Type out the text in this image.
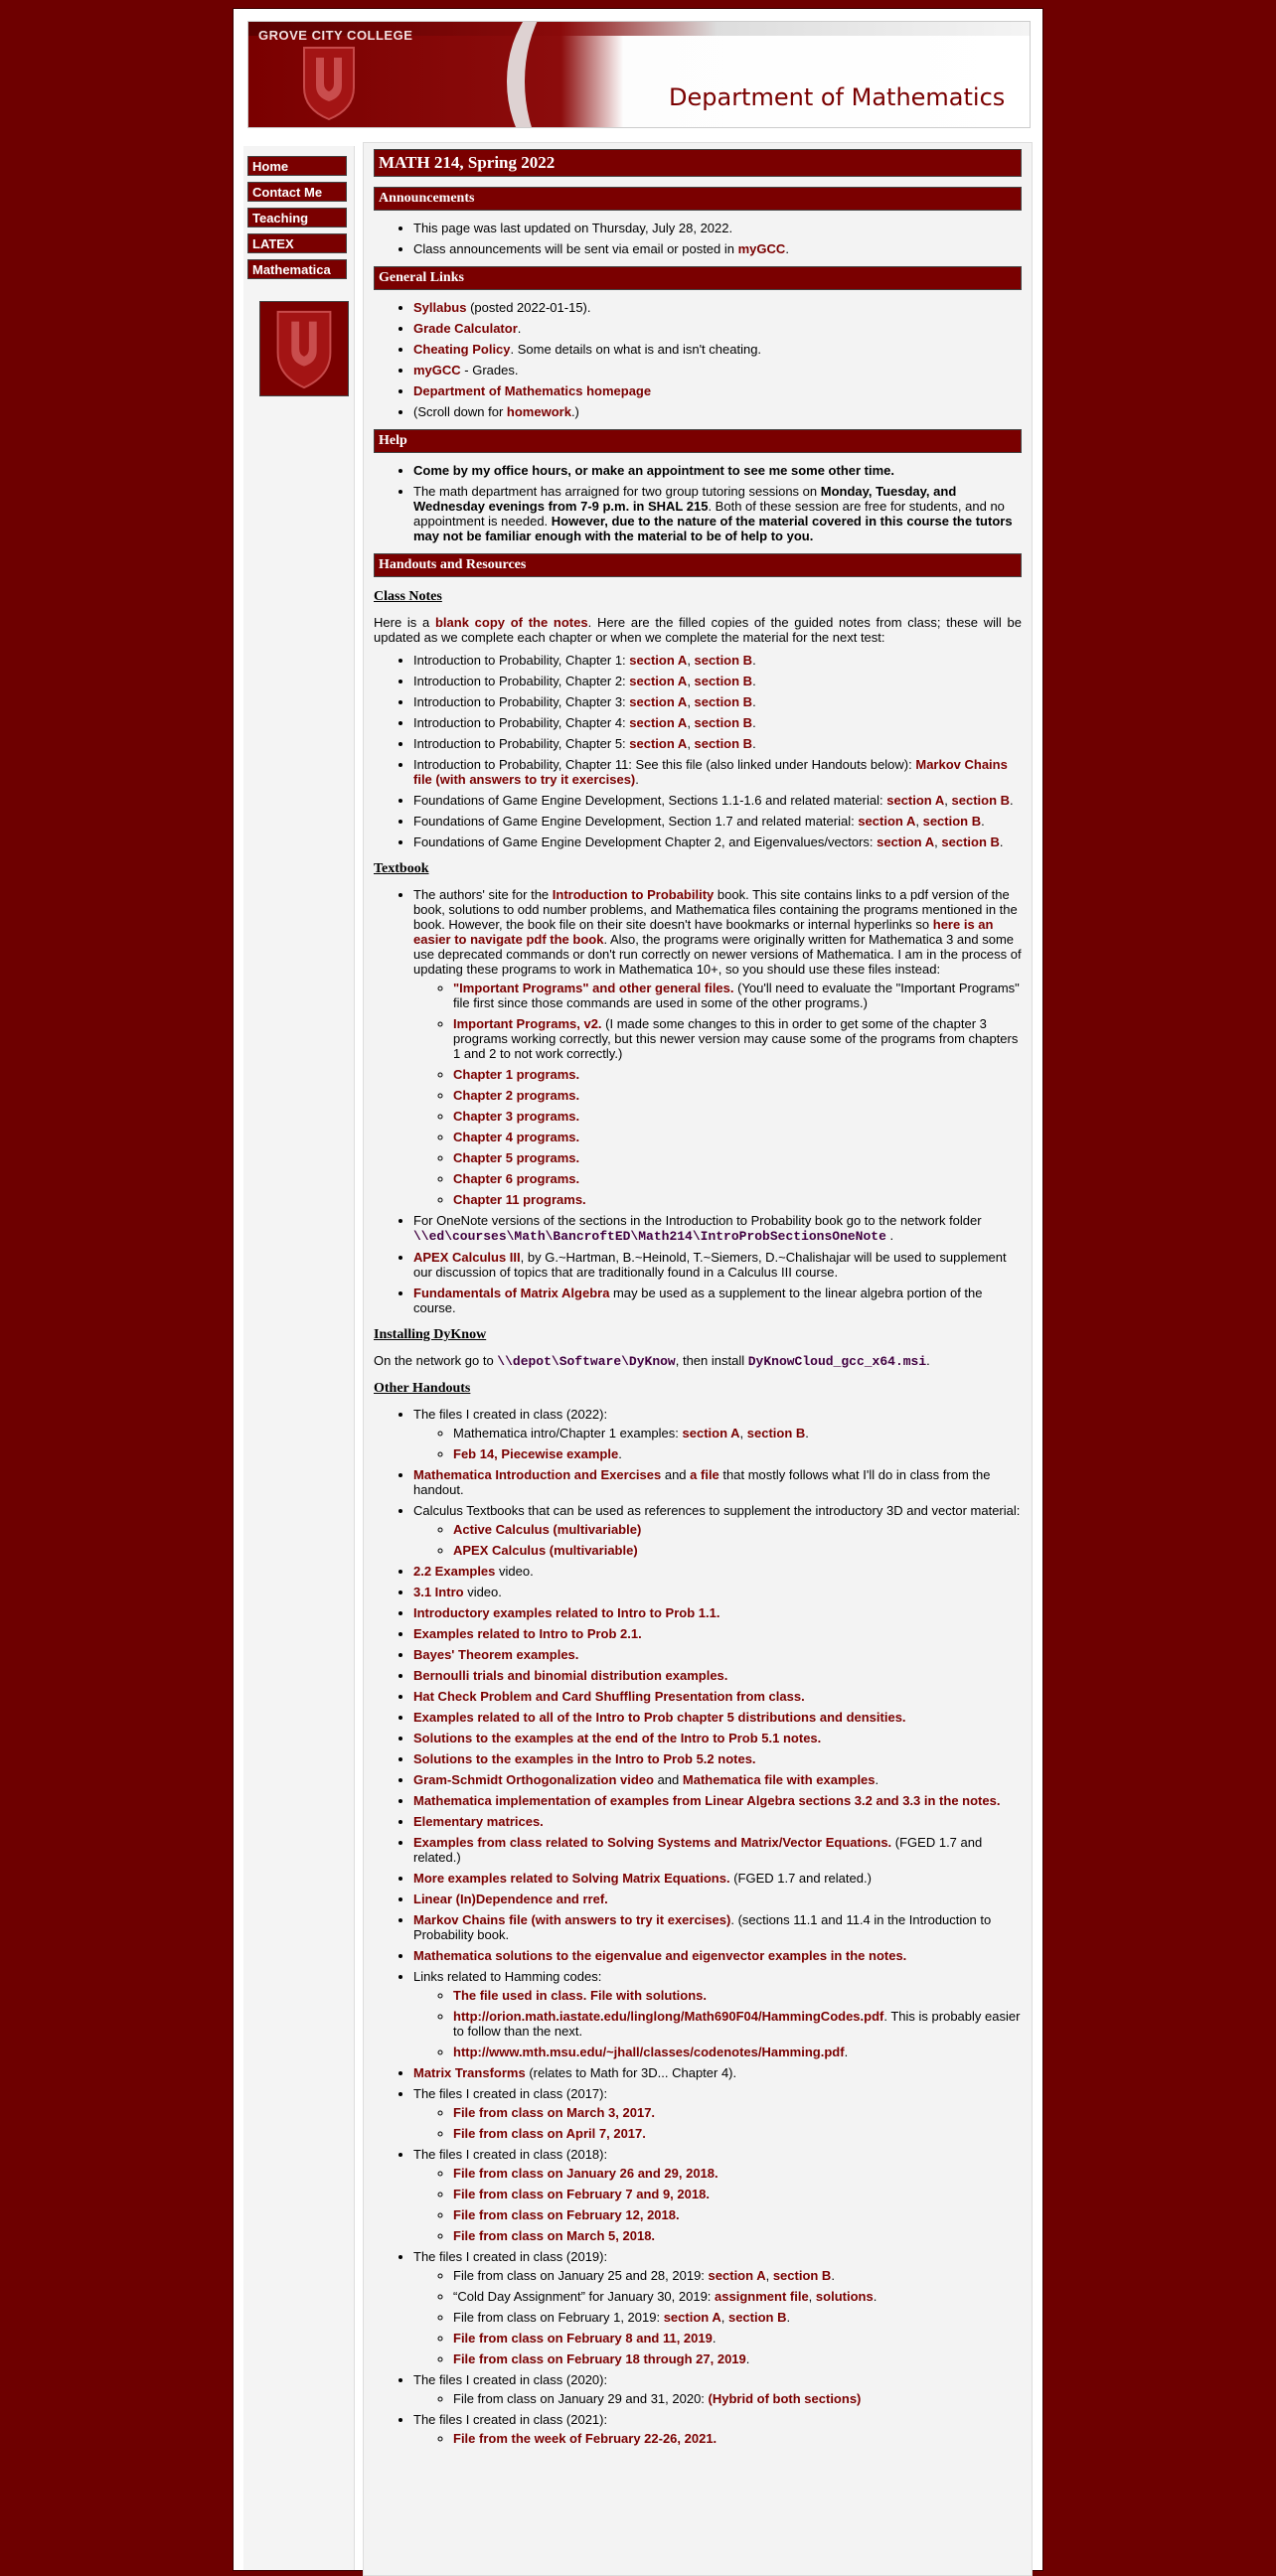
GROVE CITY COLLEGE
Department of Mathematics
Home
Contact Me
Teaching
LATEX
Mathematica
MATH 214, Spring 2022
Announcements
• This page was last updated on Thursday, July 28, 2022.
• Class announcements will be sent via email or posted in myGCC.
General Links
• Syllabus (posted 2022-01-15).
• Grade Calculator.
• Cheating Policy. Some details on what is and isn't cheating.
• myGCC - Grades.
• Department of Mathematics homepage
• (Scroll down for homework.)
Help
• Come by my office hours, or make an appointment to see me some other time.
• The math department has arraigned for two group tutoring sessions on Monday, Tuesday, and Wednesday evenings from 7-9 p.m. in SHAL 215. Both of these session are free for students, and no appointment is needed. However, due to the nature of the material covered in this course the tutors may not be familiar enough with the material to be of help to you.
Handouts and Resources
Class Notes

Here is a blank copy of the notes. Here are the filled copies of the guided notes from class; these will be updated as we complete each chapter or when we complete the material for the next test:

• Introduction to Probability, Chapter 1: section A, section B.
• Introduction to Probability, Chapter 2: section A, section B.
• Introduction to Probability, Chapter 3: section A, section B.
• Introduction to Probability, Chapter 4: section A, section B.
• Introduction to Probability, Chapter 5: section A, section B.
• Introduction to Probability, Chapter 11: See this file (also linked under Handouts below): Markov Chains file (with answers to try it exercises).
• Foundations of Game Engine Development, Sections 1.1-1.6 and related material: section A, section B.
• Foundations of Game Engine Development, Section 1.7 and related material: section A, section B.
• Foundations of Game Engine Development Chapter 2, and Eigenvalues/vectors: section A, section B.
Textbook
• The authors' site for the Introduction to Probability book. This site contains links to a pdf version of the book, solutions to odd number problems, and Mathematica files containing the programs mentioned in the book. However, the book file on their site doesn't have bookmarks or internal hyperlinks so here is an easier to navigate pdf the book. Also, the programs were originally written for Mathematica 3 and some use deprecated commands or don't run correctly on newer versions of Mathematica. I am in the process of updating these programs to work in Mathematica 10+, so you should use these files instead:
◦ "Important Programs" and other general files. (You'll need to evaluate the "Important Programs" file first since those commands are used in some of the other programs.)
◦ Important Programs, v2. (I made some changes to this in order to get some of the chapter 3 programs working correctly, but this newer version may cause some of the programs from chapters 1 and 2 to not work correctly.)
◦ Chapter 1 programs.
◦ Chapter 2 programs.
◦ Chapter 3 programs.
◦ Chapter 4 programs.
◦ Chapter 5 programs.
◦ Chapter 6 programs.
◦ Chapter 11 programs.
• For OneNote versions of the sections in the Introduction to Probability book go to the network folder \\ed\courses\Math\BancroftED\Math214\IntroProbSectionsOneNote .
• APEX Calculus III, by G.~Hartman, B.~Heinold, T.~Siemers, D.~Chalishajar will be used to supplement our discussion of topics that are traditionally found in a Calculus III course.
• Fundamentals of Matrix Algebra may be used as a supplement to the linear algebra portion of the course.
Installing DyKnow

On the network go to \\depot\Software\DyKnow, then install DyKnowCloud_gcc_x64.msi.

Other Handouts
• The files I created in class (2022):
◦ Mathematica intro/Chapter 1 examples: section A, section B.
◦ Feb 14, Piecewise example.
• Mathematica Introduction and Exercises and a file that mostly follows what I'll do in class from the handout.
• Calculus Textbooks that can be used as references to supplement the introductory 3D and vector material:
◦ Active Calculus (multivariable)
◦ APEX Calculus (multivariable)
• 2.2 Examples video.
• 3.1 Intro video.
• Introductory examples related to Intro to Prob 1.1.
• Examples related to Intro to Prob 2.1.
• Bayes' Theorem examples.
• Bernoulli trials and binomial distribution examples.
• Hat Check Problem and Card Shuffling Presentation from class.
• Examples related to all of the Intro to Prob chapter 5 distributions and densities.
• Solutions to the examples at the end of the Intro to Prob 5.1 notes.
• Solutions to the examples in the Intro to Prob 5.2 notes.
• Gram-Schmidt Orthogonalization video and Mathematica file with examples.
• Mathematica implementation of examples from Linear Algebra sections 3.2 and 3.3 in the notes.
• Elementary matrices.
• Examples from class related to Solving Systems and Matrix/Vector Equations. (FGED 1.7 and related.)
• More examples related to Solving Matrix Equations. (FGED 1.7 and related.)
• Linear (In)Dependence and rref.
• Markov Chains file (with answers to try it exercises). (sections 11.1 and 11.4 in the Introduction to Probability book.
• Mathematica solutions to the eigenvalue and eigenvector examples in the notes.
• Links related to Hamming codes:
◦ The file used in class. File with solutions.
◦ http://orion.math.iastate.edu/linglong/Math690F04/HammingCodes.pdf. This is probably easier to follow than the next.
◦ http://www.mth.msu.edu/~jhall/classes/codenotes/Hamming.pdf.
• Matrix Transforms (relates to Math for 3D... Chapter 4).
• The files I created in class (2017):
◦ File from class on March 3, 2017.
◦ File from class on April 7, 2017.
• The files I created in class (2018):
◦ File from class on January 26 and 29, 2018.
◦ File from class on February 7 and 9, 2018.
◦ File from class on February 12, 2018.
◦ File from class on March 5, 2018.
• The files I created in class (2019):
◦ File from class on January 25 and 28, 2019: section A, section B.
◦ “Cold Day Assignment” for January 30, 2019: assignment file, solutions.
◦ File from class on February 1, 2019: section A, section B.
◦ File from class on February 8 and 11, 2019.
◦ File from class on February 18 through 27, 2019.
• The files I created in class (2020):
◦ File from class on January 29 and 31, 2020: (Hybrid of both sections)
• The files I created in class (2021):
◦ File from the week of February 22-26, 2021.
